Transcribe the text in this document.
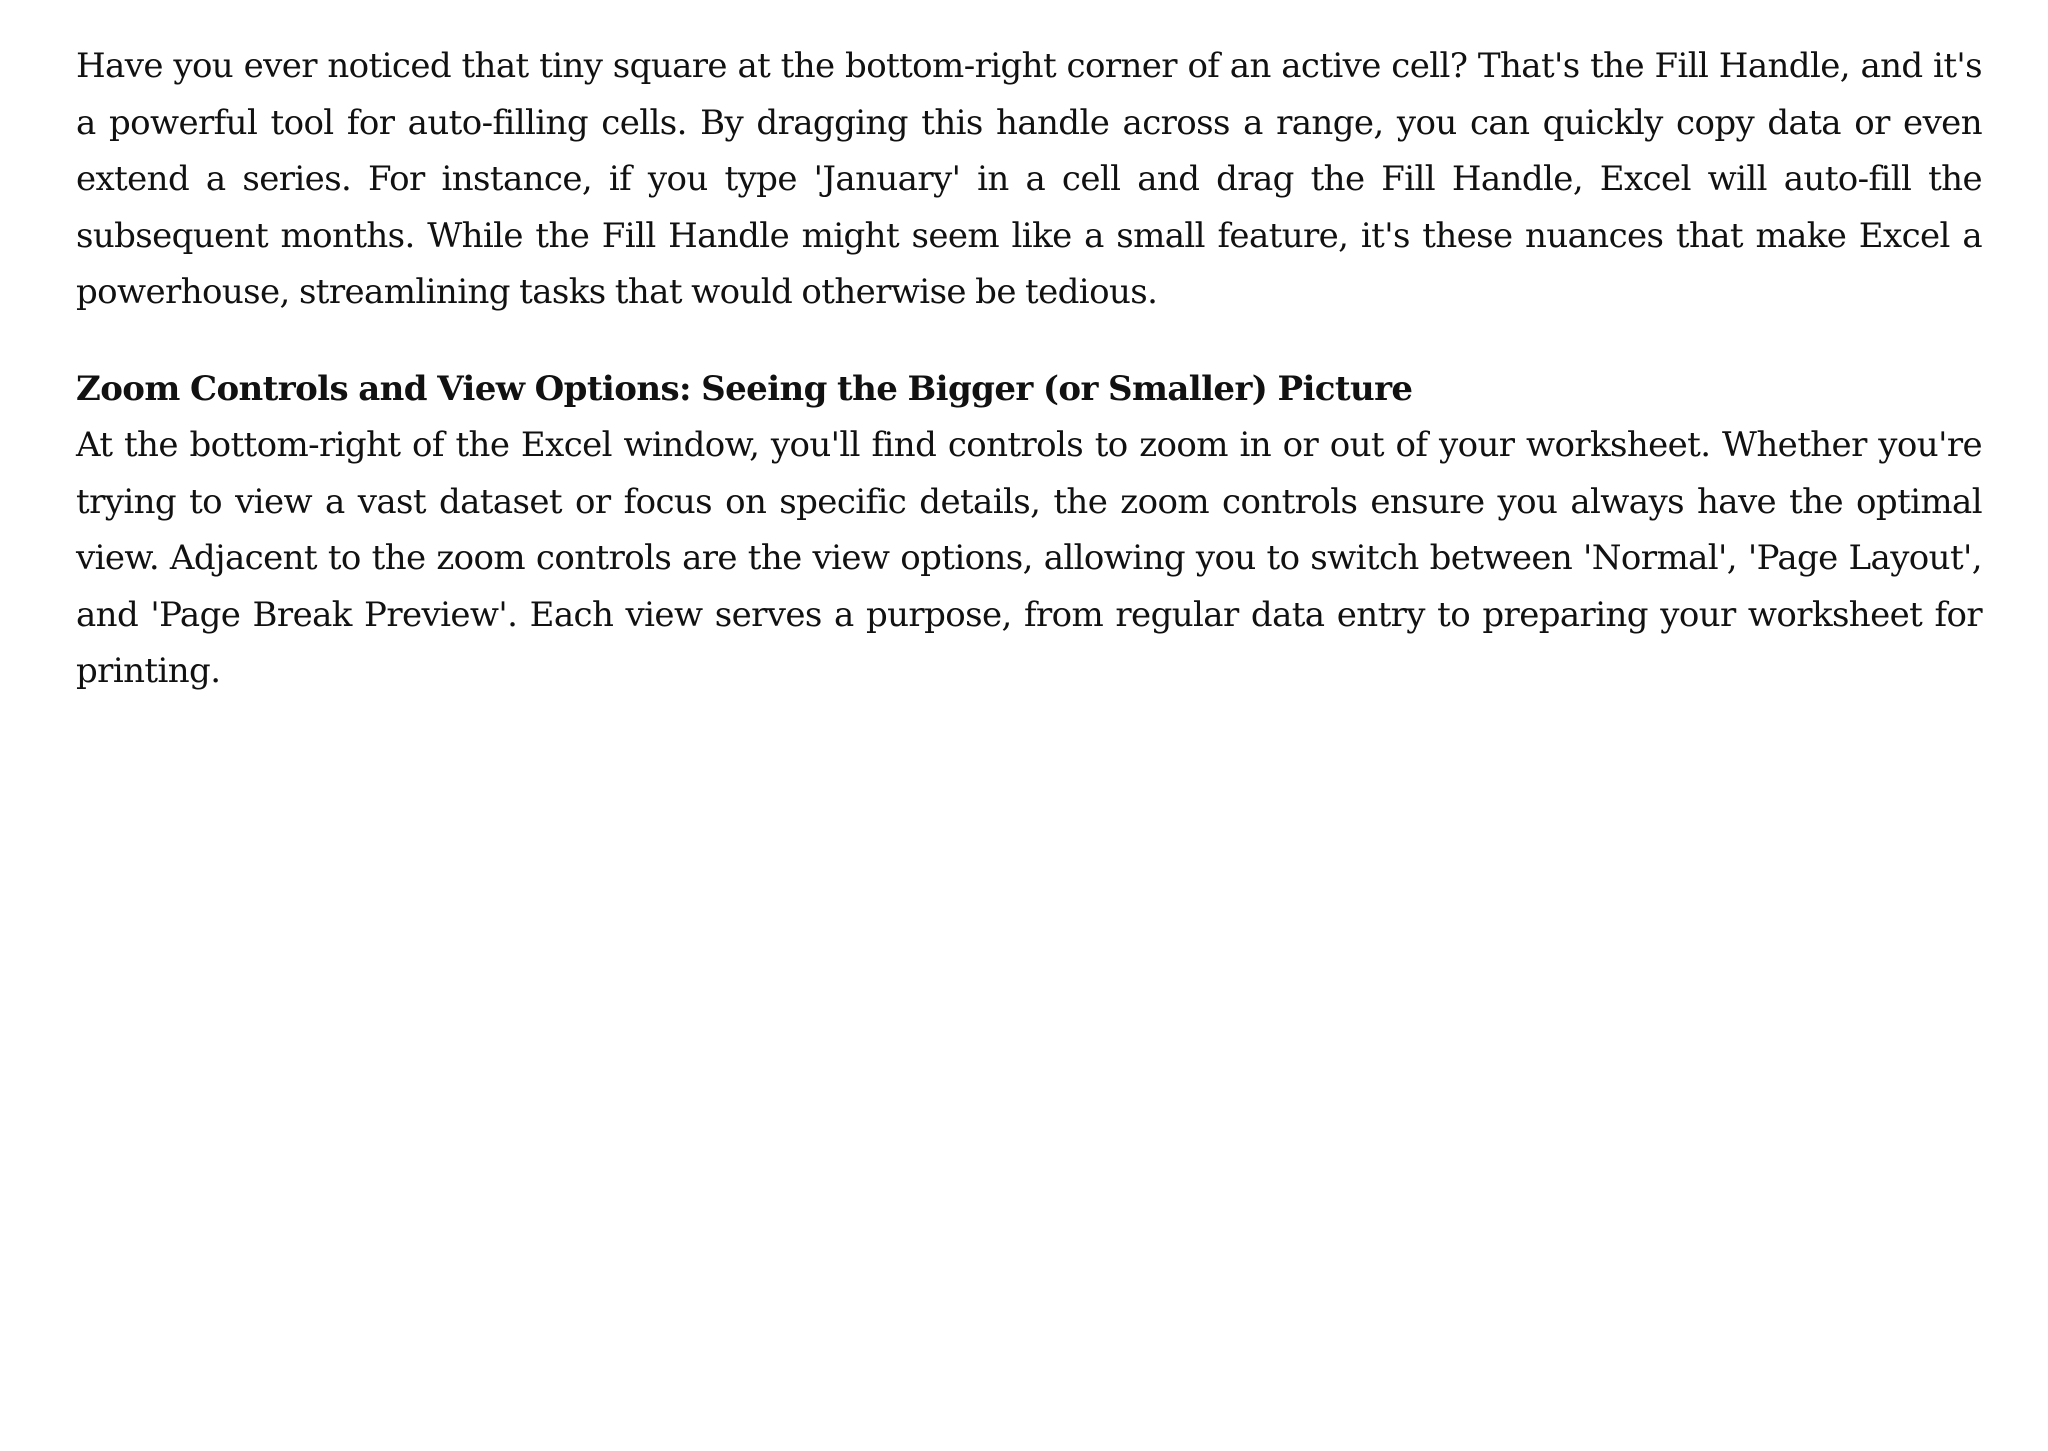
Have you ever noticed that tiny square at the bottom-right corner of an active cell? That's the Fill Handle, and it's a powerful tool for auto-filling cells. By dragging this handle across a range, you can quickly copy data or even extend a series. For instance, if you type 'January' in a cell and drag the Fill Handle, Excel will auto-fill the subsequent months. While the Fill Handle might seem like a small feature, it's these nuances that make Excel a powerhouse, streamlining tasks that would otherwise be tedious.

Zoom Controls and View Options: Seeing the Bigger (or Smaller) Picture

At the bottom-right of the Excel window, you'll find controls to zoom in or out of your worksheet. Whether you're trying to view a vast dataset or focus on specific details, the zoom controls ensure you always have the optimal view. Adjacent to the zoom controls are the view options, allowing you to switch between 'Normal', 'Page Layout', and 'Page Break Preview'. Each view serves a purpose, from regular data entry to preparing your worksheet for printing.
